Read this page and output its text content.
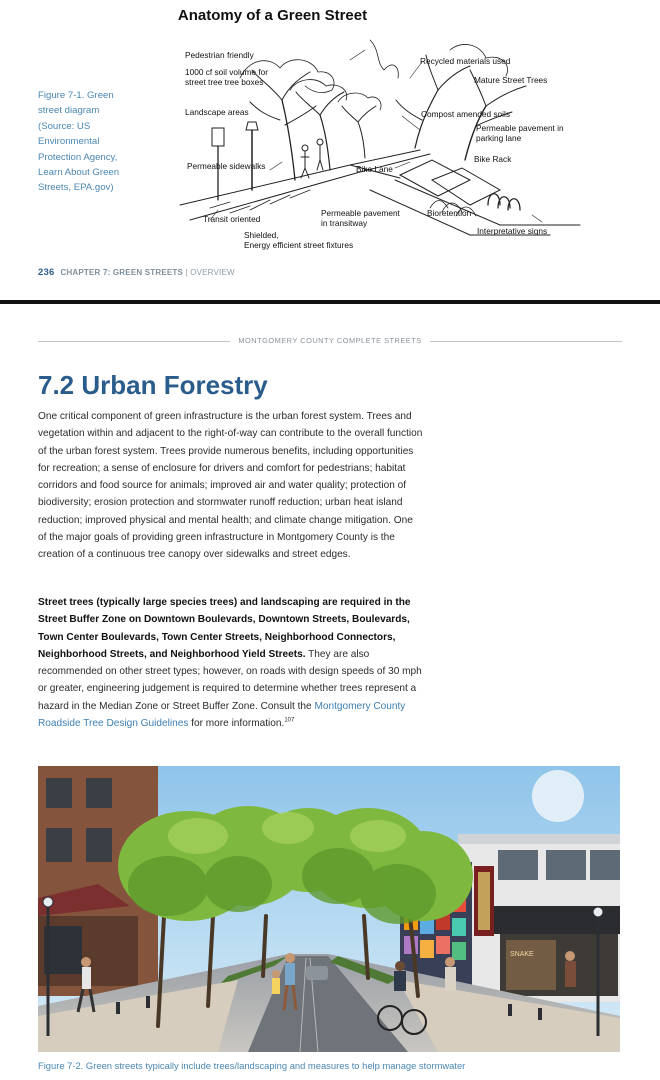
Anatomy of a Green Street
Figure 7-1. Green street diagram (Source: US Environmental Protection Agency, Learn About Green Streets, EPA.gov)
Pedestrian friendly
1000 cf soil volume for
street tree tree boxes
Landscape areas
Permeable sidewalks	Bike Lane
Transit oriented
Shielded,
Energy efficient street fixtures
Permeable pavement
in transitway
Bioretention
Interpretative signs
Recycled materials used
Mature Street Trees
Compost amended soils
Permeable pavement in
parking lane
Bike Rack
236 CHAPTER 7: GREEN STREETS | OVERVIEW
MONTGOMERY COUNTY COMPLETE STREETS
7.2 Urban Forestry

One critical component of green infrastructure is the urban forest system. Trees and vegetation within and adjacent to the right-of-way can contribute to the overall function of the urban forest system. Trees provide numerous benefits, including opportunities for recreation; a sense of enclosure for drivers and comfort for pedestrians; habitat corridors and food source for animals; improved air and water quality; protection of biodiversity; erosion protection and stormwater runoff reduction; urban heat island reduction; improved physical and mental health; and climate change mitigation. One of the major goals of providing green infrastructure in Montgomery County is the creation of a continuous tree canopy over sidewalks and street edges.

Street trees (typically large species trees) and landscaping are required in the Street Buffer Zone on Downtown Boulevards, Downtown Streets, Boulevards, Town Center Boulevards, Town Center Streets, Neighborhood Connectors, Neighborhood Streets, and Neighborhood Yield Streets. They are also recommended on other street types; however, on roads with design speeds of 30 mph or greater, engineering judgement is required to determine whether trees represent a hazard in the Median Zone or Street Buffer Zone. Consult the Montgomery County Roadside Tree Design Guidelines for more information.$^{107}$

SNAKE
Figure 7-2. Green streets typically include trees/landscaping and measures to help manage stormwater
